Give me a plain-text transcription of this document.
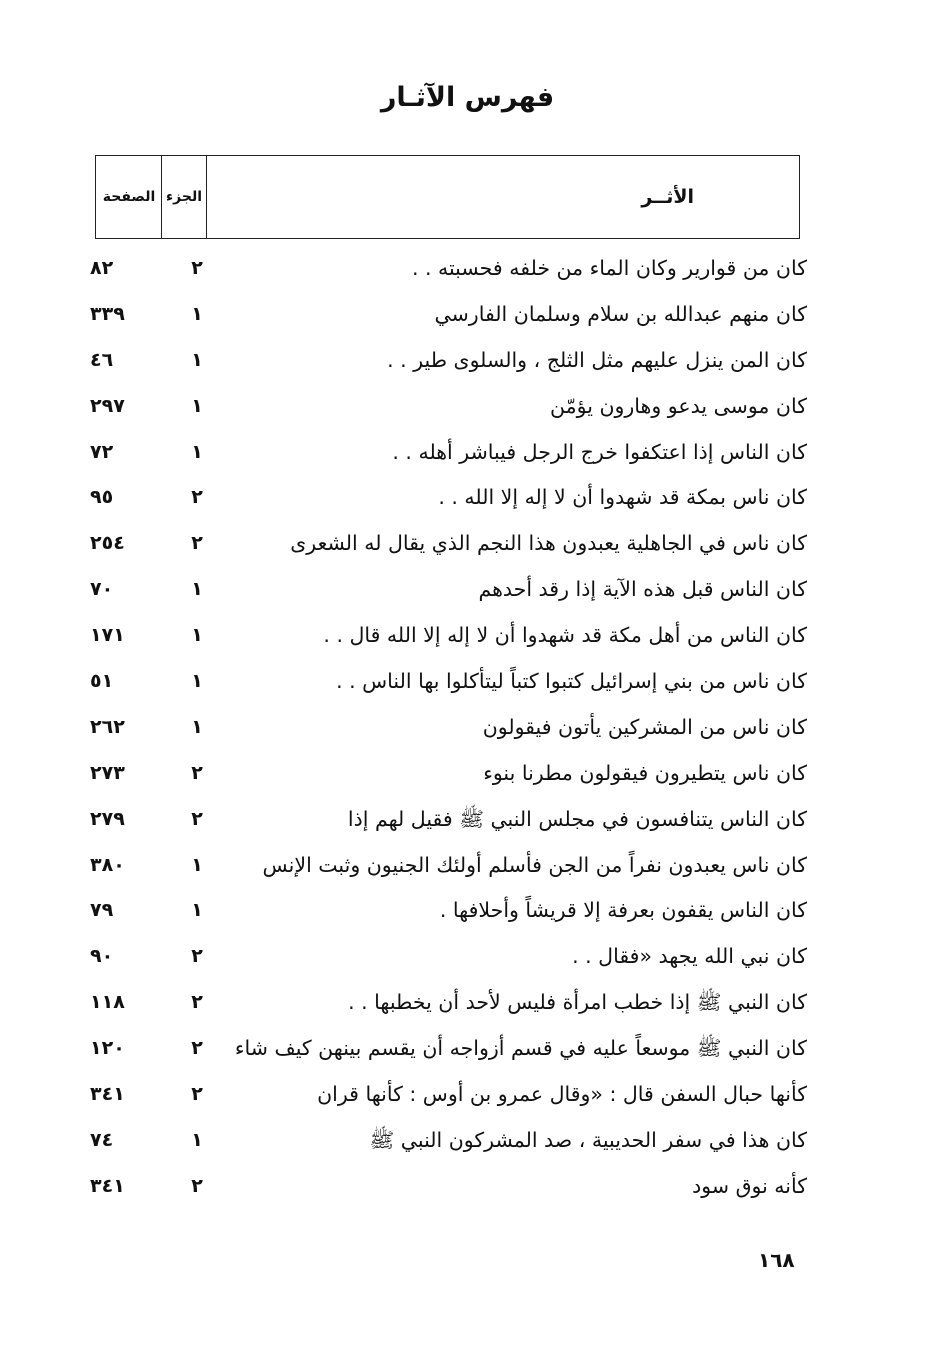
فهرس الآثـار
الأثــر
الجزء
الصفحة
كان من قوارير وكان الماء من خلفه فحسبته . .
٢
٨٢
كان منهم عبدالله بن سلام وسلمان الفارسي
١
٣٣٩
كان المن ينزل عليهم مثل الثلج ، والسلوى طير . .
١
٤٦
كان موسى يدعو وهارون يؤمّن
١
٢٩٧
كان الناس إذا اعتكفوا خرج الرجل فيباشر أهله . .
١
٧٢
كان ناس بمكة قد شهدوا أن لا إله إلا الله . .
٢
٩٥
كان ناس في الجاهلية يعبدون هذا النجم الذي يقال له الشعرى
٢
٢٥٤
كان الناس قبل هذه الآية إذا رقد أحدهم
١
٧٠
كان الناس من أهل مكة قد شهدوا أن لا إله إلا الله قال . .
١
١٧١
كان ناس من بني إسرائيل كتبوا كتباً ليتأكلوا بها الناس . .
١
٥١
كان ناس من المشركين يأتون فيقولون
١
٢٦٢
كان ناس يتطيرون فيقولون مطرنا بنوء
٢
٢٧٣
كان الناس يتنافسون في مجلس النبي ﷺ فقيل لهم إذا
٢
٢٧٩
كان ناس يعبدون نفراً من الجن فأسلم أولئك الجنيون وثبت الإنس
١
٣٨٠
كان الناس يقفون بعرفة إلا قريشاً وأحلافها .
١
٧٩
كان نبي الله يجهد «فقال . .
٢
٩٠
كان النبي ﷺ إذا خطب امرأة فليس لأحد أن يخطبها . .
٢
١١٨
كان النبي ﷺ موسعاً عليه في قسم أزواجه أن يقسم بينهن كيف شاء
٢
١٢٠
كأنها حبال السفن قال : «وقال عمرو بن أوس : كأنها قران
٢
٣٤١
كان هذا في سفر الحديبية ، صد المشركون النبي ﷺ
١
٧٤
كأنه نوق سود
٢
٣٤١
١٦٨
